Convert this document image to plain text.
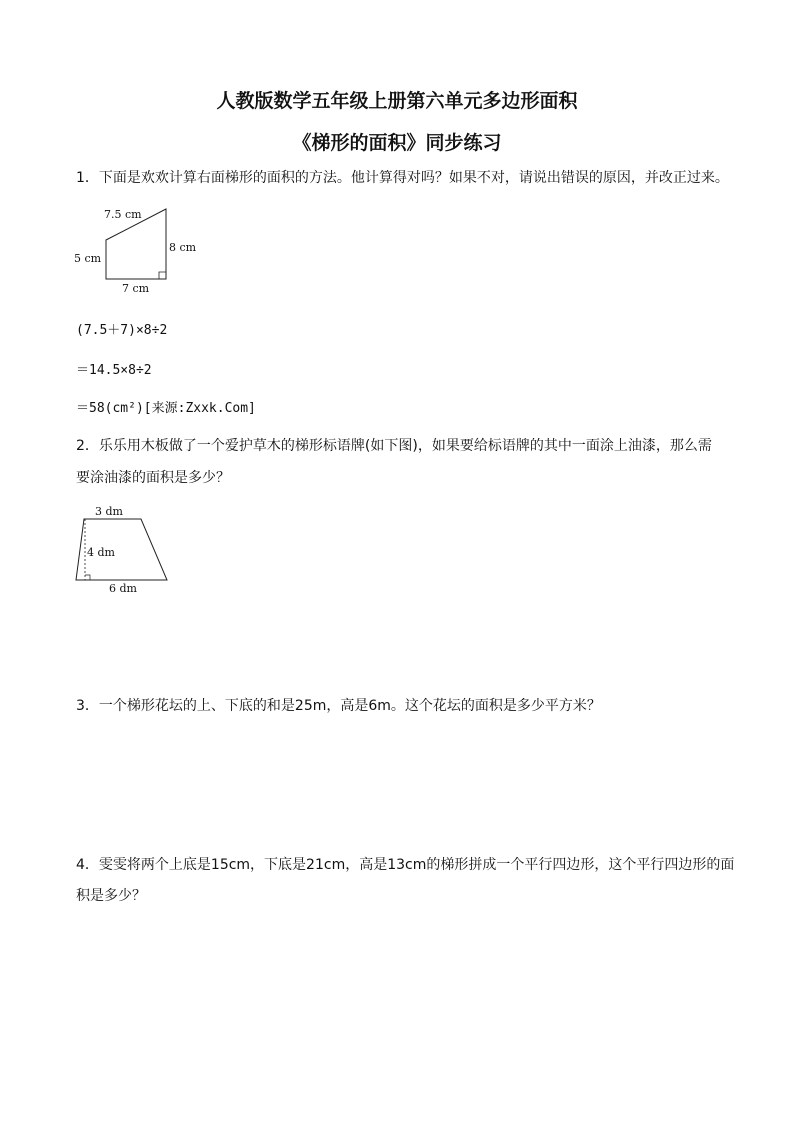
人教版数学五年级上册第六单元多边形面积
《梯形的面积》同步练习
1．下面是欢欢计算右面梯形的面积的方法。他计算得对吗？如果不对，请说出错误的原因，并改正过来。
7.5 cm
8 cm
5 cm
7 cm
(7.5＋7)×8÷2
＝14.5×8÷2
＝58(cm²)[来源:Zxxk.Com]
2．乐乐用木板做了一个爱护草木的梯形标语牌(如下图)，如果要给标语牌的其中一面涂上油漆，那么需
要涂油漆的面积是多少？
3 dm
4 dm
6 dm
3．一个梯形花坛的上、下底的和是25m，高是6m。这个花坛的面积是多少平方米？
4．雯雯将两个上底是15cm，下底是21cm，高是13cm的梯形拼成一个平行四边形，这个平行四边形的面
积是多少？
